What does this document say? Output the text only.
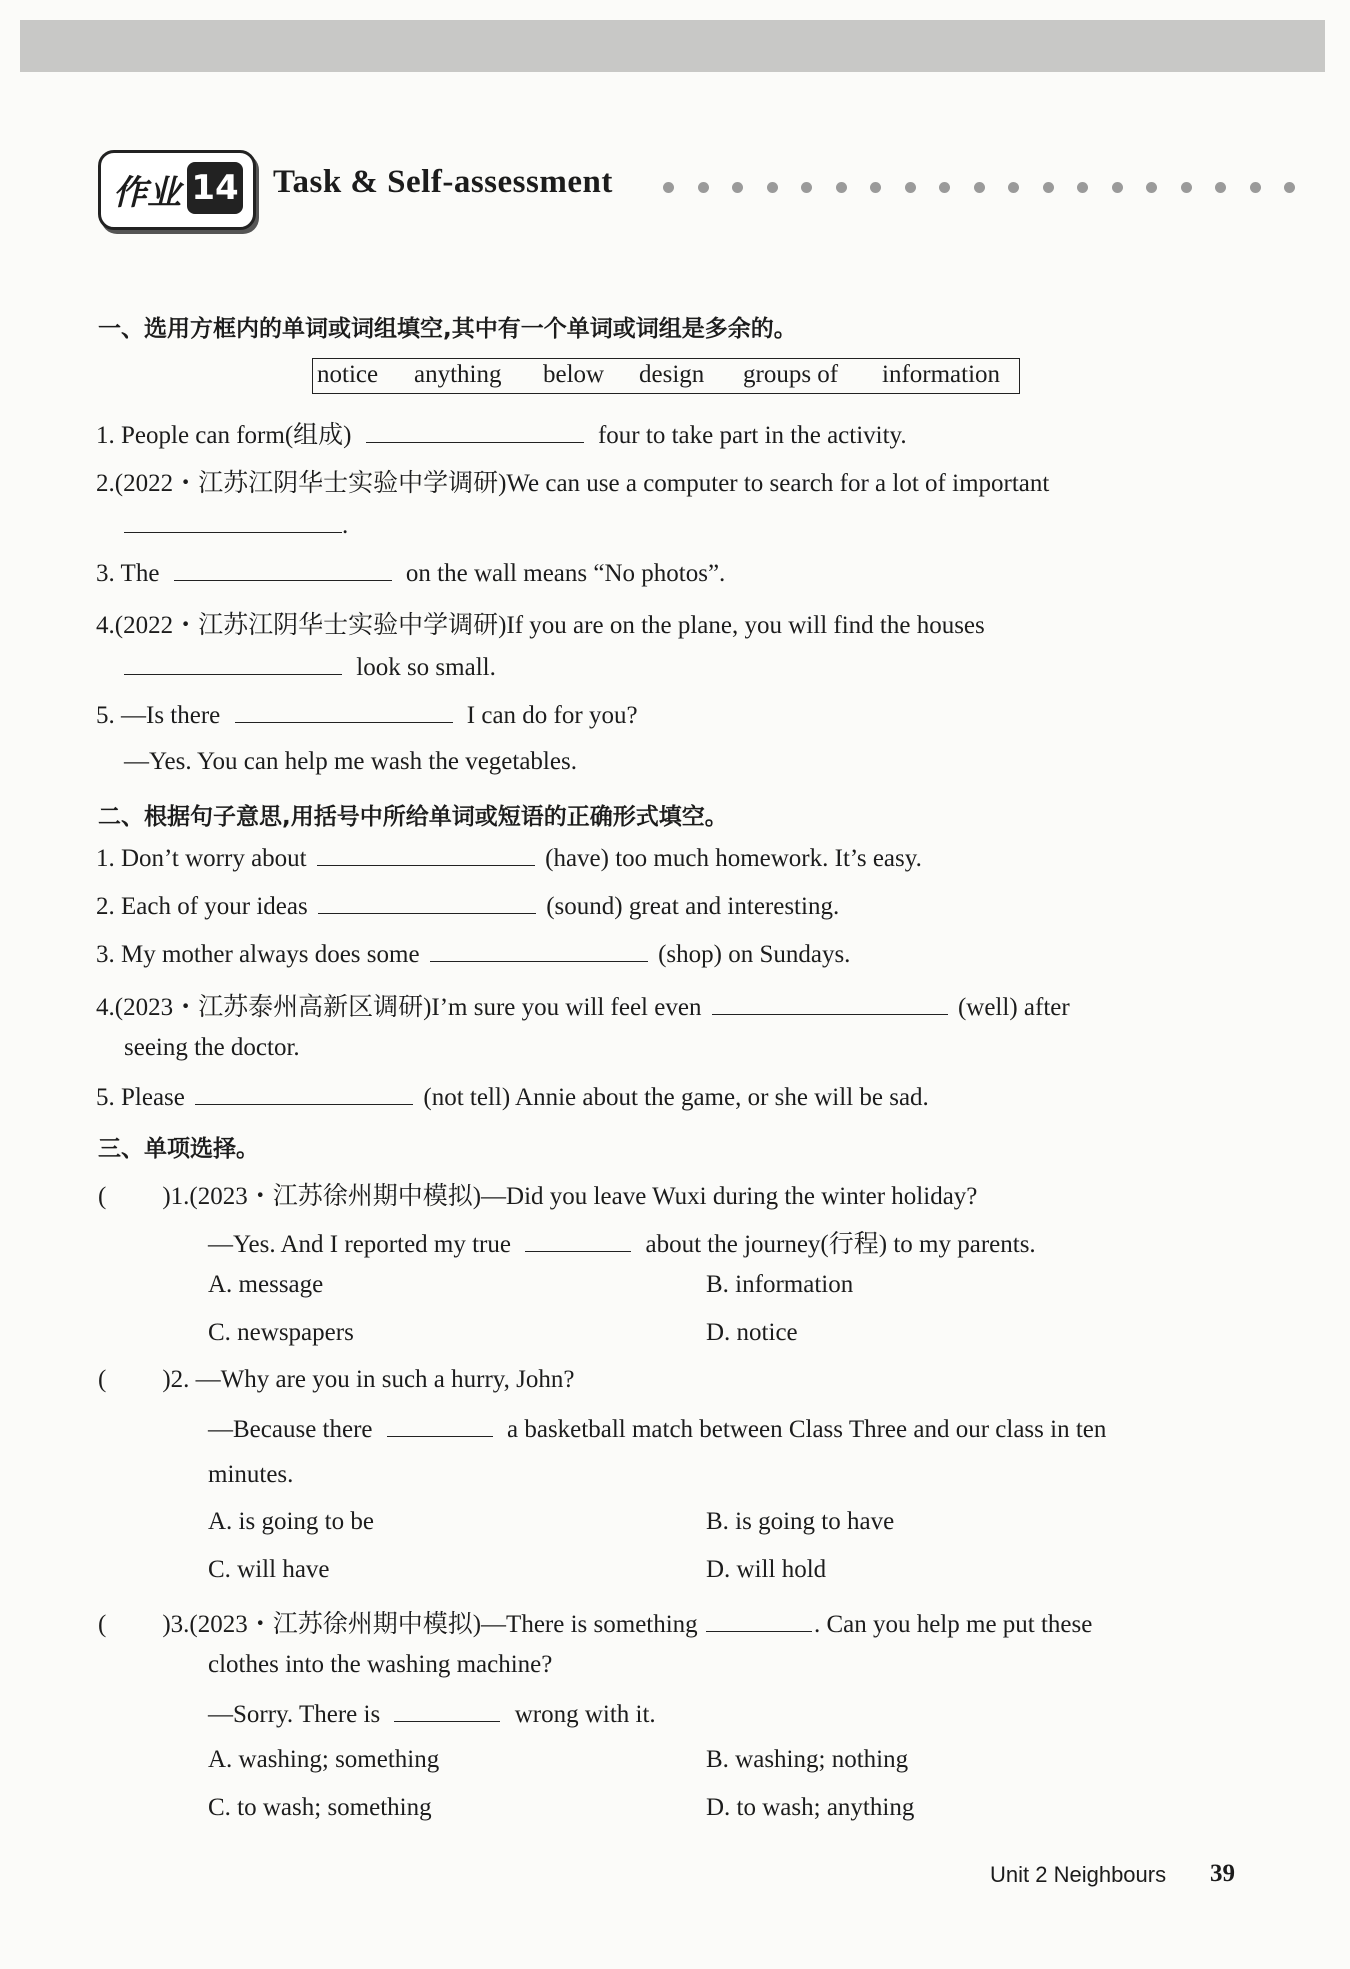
作业 14 Task & Self-assessment
一、选用方框内的单词或词组填空,其中有一个单词或词组是多余的。
notice anything below design groups of information
1. People can form(组成)	four to take part in the activity.
2.(2022・江苏江阴华士实验中学调研)We can use a computer to search for a lot of important
.
3. The	on the wall means “No photos”.
4.(2022・江苏江阴华士实验中学调研)If you are on the plane, you will find the houses
look so small.
5. —Is there	I can do for you?
—Yes. You can help me wash the vegetables.
二、根据句子意思,用括号中所给单词或短语的正确形式填空。
1. Don’t worry about	(have) too much homework. It’s easy.
2. Each of your ideas	(sound) great and interesting.
3. My mother always does some	(shop) on Sundays.
4.(2023・江苏泰州高新区调研)I’m sure you will feel even	(well) after
seeing the doctor.
5. Please	(not tell) Annie about the game, or she will be sad.
三、单项选择。
( )1.(2023・江苏徐州期中模拟)—Did you leave Wuxi during the winter holiday?
—Yes. And I reported my true	about the journey(行程) to my parents.
A. message	B. information
C. newspapers	D. notice
( )2. —Why are you in such a hurry, John?
—Because there	a basketball match between Class Three and our class in ten
minutes.
A. is going to be	B. is going to have
C. will have	D. will hold
( )3.(2023・江苏徐州期中模拟)—There is something	. Can you help me put these
clothes into the washing machine?
—Sorry. There is	wrong with it.
A. washing; something	B. washing; nothing
C. to wash; something	D. to wash; anything
Unit 2 Neighbours 39
